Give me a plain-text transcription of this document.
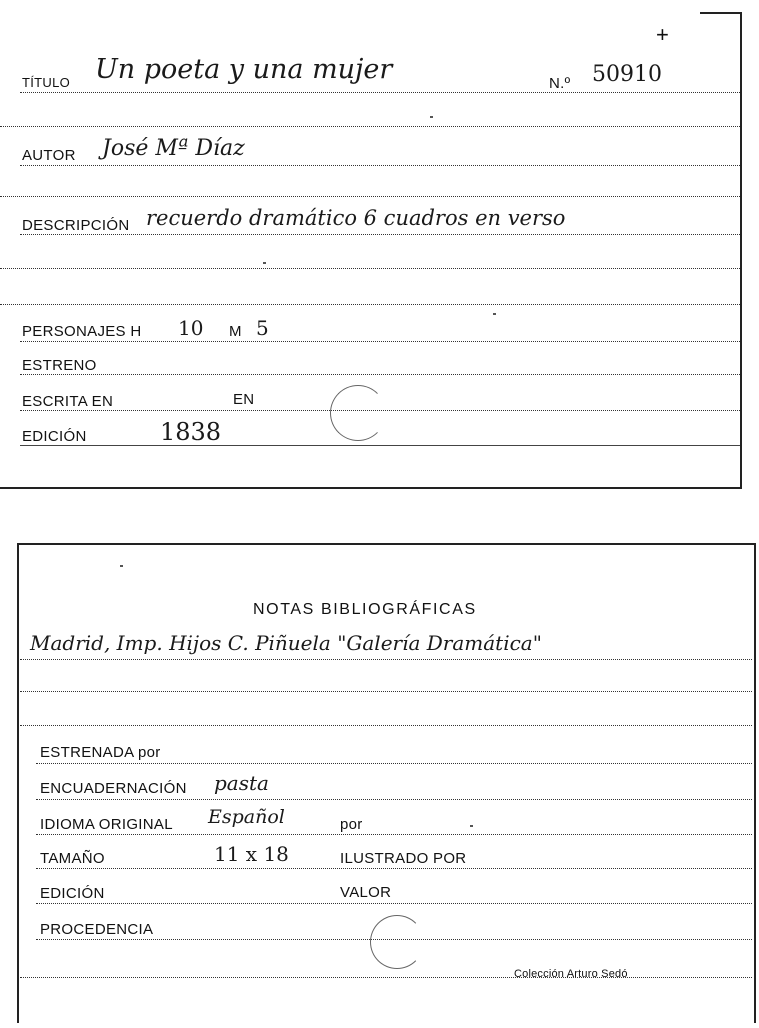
+
TÍTULO Un poeta y una mujer	N.º 50910
AUTOR José Mª Díaz
DESCRIPCIÓN recuerdo dramático 6 cuadros en verso
PERSONAJES H 10 M 5
ESTRENO
ESCRITA EN	EN
EDICIÓN	1838
NOTAS BIBLIOGRÁFICAS
Madrid, Imp. Hijos C. Piñuela "Galería Dramática"
ESTRENADA por
ENCUADERNACIÓN pasta
IDIOMA ORIGINAL Español	por
TAMAÑO	11 x 18	ILUSTRADO POR
EDICIÓN	VALOR
PROCEDENCIA
Colección Arturo Sedó
